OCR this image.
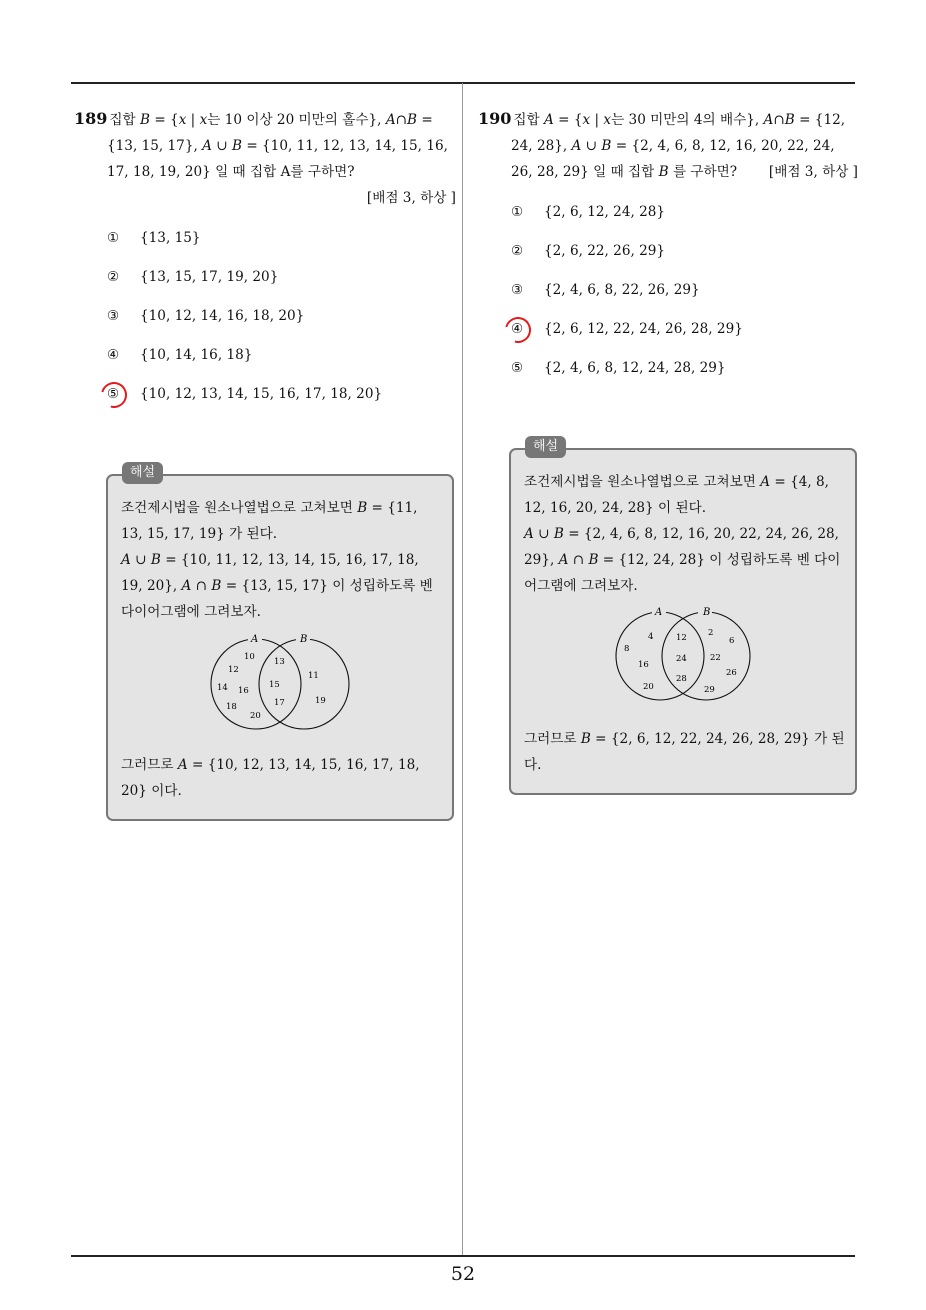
189 집합 B = {x | x는 10 이상 20 미만의 홀수}, A∩B = {13, 15, 17}, A ∪ B = {10, 11, 12, 13, 14, 15, 16, 17, 18, 19, 20} 일 때 집합 A를 구하면?
[배점 3, 하상 ]
①	{13, 15}
②	{13, 15, 17, 19, 20}
③	{10, 12, 14, 16, 18, 20}
④	{10, 14, 16, 18}
⑤	{10, 12, 13, 14, 15, 16, 17, 18, 20}
해설
조건제시법을 원소나열법으로 고쳐보면 B = {11, 13, 15, 17, 19} 가 된다.
A ∪ B = {10, 11, 12, 13, 14, 15, 16, 17, 18, 19, 20}, A ∩ B = {13, 15, 17} 이 성립하도록 벤 다이어그램에 그려보자.
A	B
10
12
14 16
18
20
13
15
17
11
19
그러므로 A = {10, 12, 13, 14, 15, 16, 17, 18, 20} 이다.
190 집합 A = {x | x는 30 미만의 4의 배수}, A∩B = {12, 24, 28}, A ∪ B = {2, 4, 6, 8, 12, 16, 20, 22, 24, 26, 28, 29} 일 때 집합 B 를 구하면? [배점 3, 하상 ]
①	{2, 6, 12, 24, 28}
②	{2, 6, 22, 26, 29}
③	{2, 4, 6, 8, 22, 26, 29}
④	{2, 6, 12, 22, 24, 26, 28, 29}
⑤	{2, 4, 6, 8, 12, 24, 28, 29}
해설
조건제시법을 원소나열법으로 고쳐보면 A = {4, 8, 12, 16, 20, 24, 28} 이 된다.
A ∪ B = {2, 4, 6, 8, 12, 16, 20, 22, 24, 26, 28, 29}, A ∩ B = {12, 24, 28} 이 성립하도록 벤 다이어그램에 그려보자.
A	B
4
8
16
20
12
24
28
2
6
22
26
29
그러므로 B = {2, 6, 12, 22, 24, 26, 28, 29} 가 된다.
52
